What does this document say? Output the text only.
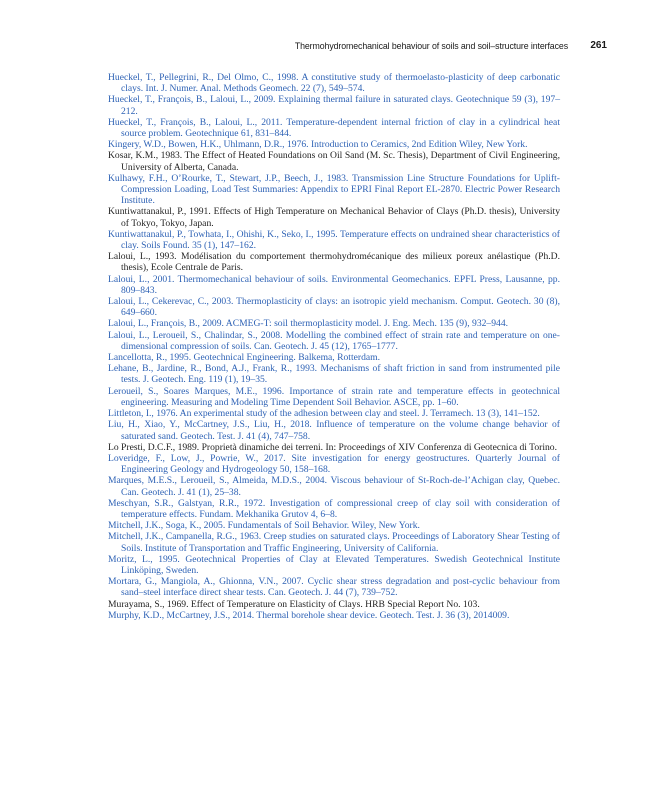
Thermohydromechanical behaviour of soils and soil–structure interfaces 261
Hueckel, T., Pellegrini, R., Del Olmo, C., 1998. A constitutive study of thermoelasto-plasticity of deep carbonatic clays. Int. J. Numer. Anal. Methods Geomech. 22 (7), 549–574.
Hueckel, T., François, B., Laloui, L., 2009. Explaining thermal failure in saturated clays. Geotechnique 59 (3), 197–212.
Hueckel, T., François, B., Laloui, L., 2011. Temperature-dependent internal friction of clay in a cylindrical heat source problem. Geotechnique 61, 831–844.
Kingery, W.D., Bowen, H.K., Uhlmann, D.R., 1976. Introduction to Ceramics, 2nd Edition Wiley, New York.
Kosar, K.M., 1983. The Effect of Heated Foundations on Oil Sand (M. Sc. Thesis), Department of Civil Engineering, University of Alberta, Canada.
Kulhawy, F.H., O’Rourke, T., Stewart, J.P., Beech, J., 1983. Transmission Line Structure Foundations for Uplift-Compression Loading, Load Test Summaries: Appendix to EPRI Final Report EL-2870. Electric Power Research Institute.
Kuntiwattanakul, P., 1991. Effects of High Temperature on Mechanical Behavior of Clays (Ph.D. thesis), University of Tokyo, Tokyo, Japan.
Kuntiwattanakul, P., Towhata, I., Ohishi, K., Seko, I., 1995. Temperature effects on undrained shear characteristics of clay. Soils Found. 35 (1), 147–162.
Laloui, L., 1993. Modélisation du comportement thermohydromécanique des milieux poreux anélastique (Ph.D. thesis), Ecole Centrale de Paris.
Laloui, L., 2001. Thermomechanical behaviour of soils. Environmental Geomechanics. EPFL Press, Lausanne, pp. 809–843.
Laloui, L., Cekerevac, C., 2003. Thermoplasticity of clays: an isotropic yield mechanism. Comput. Geotech. 30 (8), 649–660.
Laloui, L., François, B., 2009. ACMEG-T: soil thermoplasticity model. J. Eng. Mech. 135 (9), 932–944.
Laloui, L., Leroueil, S., Chalindar, S., 2008. Modelling the combined effect of strain rate and temperature on one-dimensional compression of soils. Can. Geotech. J. 45 (12), 1765–1777.
Lancellotta, R., 1995. Geotechnical Engineering. Balkema, Rotterdam.
Lehane, B., Jardine, R., Bond, A.J., Frank, R., 1993. Mechanisms of shaft friction in sand from instrumented pile tests. J. Geotech. Eng. 119 (1), 19–35.
Leroueil, S., Soares Marques, M.E., 1996. Importance of strain rate and temperature effects in geotechnical engineering. Measuring and Modeling Time Dependent Soil Behavior. ASCE, pp. 1–60.
Littleton, I., 1976. An experimental study of the adhesion between clay and steel. J. Terramech. 13 (3), 141–152.
Liu, H., Xiao, Y., McCartney, J.S., Liu, H., 2018. Influence of temperature on the volume change behavior of saturated sand. Geotech. Test. J. 41 (4), 747–758.
Lo Presti, D.C.F., 1989. Proprietà dinamiche dei terreni. In: Proceedings of XIV Conferenza di Geotecnica di Torino.
Loveridge, F., Low, J., Powrie, W., 2017. Site investigation for energy geostructures. Quarterly Journal of Engineering Geology and Hydrogeology 50, 158–168.
Marques, M.E.S., Leroueil, S., Almeida, M.D.S., 2004. Viscous behaviour of St-Roch-de-l’Achigan clay, Quebec. Can. Geotech. J. 41 (1), 25–38.
Meschyan, S.R., Galstyan, R.R., 1972. Investigation of compressional creep of clay soil with consideration of temperature effects. Fundam. Mekhanika Grutov 4, 6–8.
Mitchell, J.K., Soga, K., 2005. Fundamentals of Soil Behavior. Wiley, New York.
Mitchell, J.K., Campanella, R.G., 1963. Creep studies on saturated clays. Proceedings of Laboratory Shear Testing of Soils. Institute of Transportation and Traffic Engineering, University of California.
Moritz, L., 1995. Geotechnical Properties of Clay at Elevated Temperatures. Swedish Geotechnical Institute Linköping, Sweden.
Mortara, G., Mangiola, A., Ghionna, V.N., 2007. Cyclic shear stress degradation and post-cyclic behaviour from sand–steel interface direct shear tests. Can. Geotech. J. 44 (7), 739–752.
Murayama, S., 1969. Effect of Temperature on Elasticity of Clays. HRB Special Report No. 103.
Murphy, K.D., McCartney, J.S., 2014. Thermal borehole shear device. Geotech. Test. J. 36 (3), 2014009.
